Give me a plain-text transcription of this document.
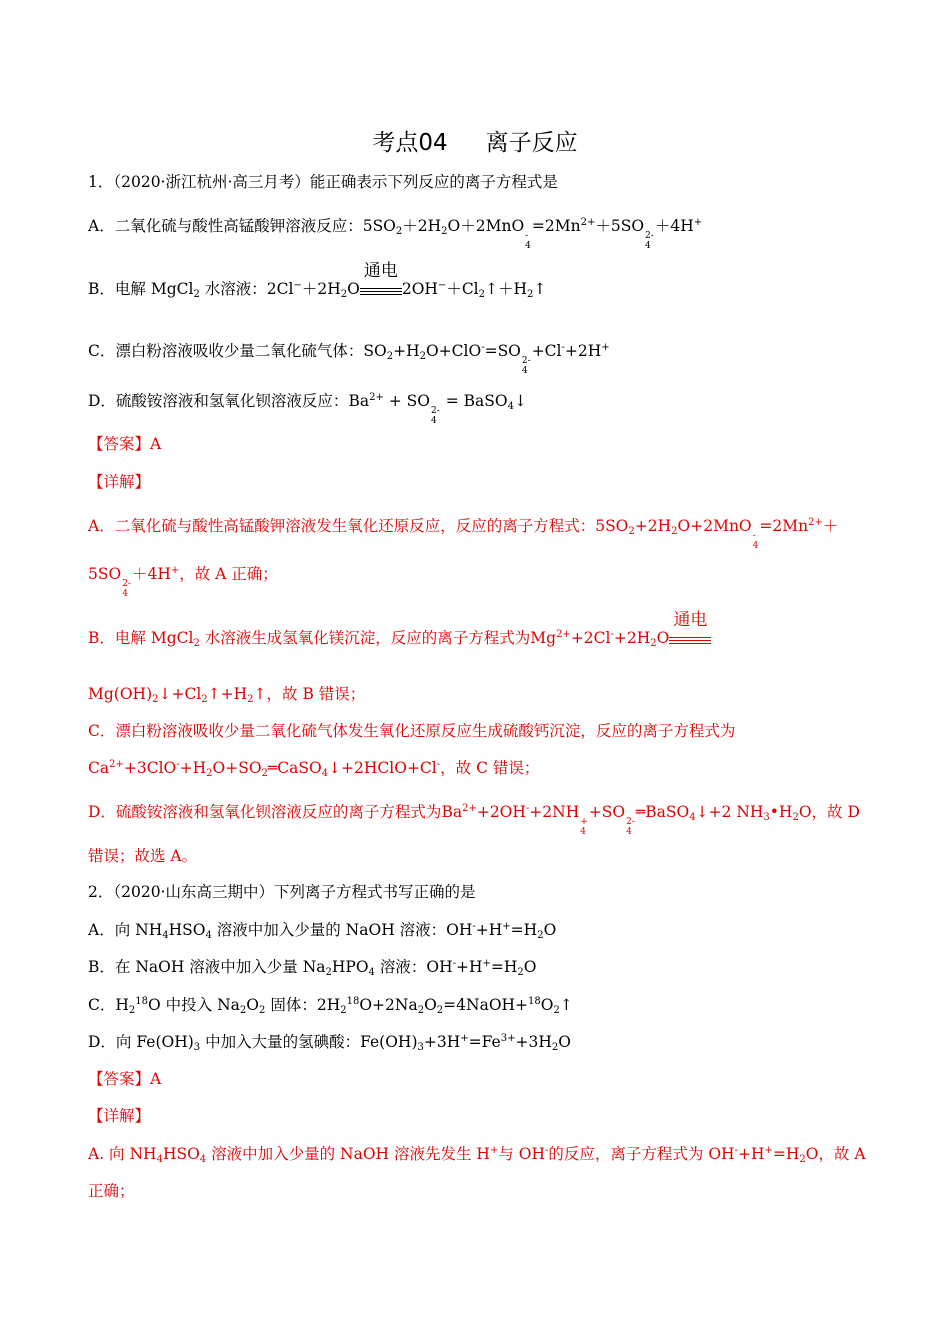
考点04 离子反应
1．（2020·浙江杭州·高三月考）能正确表示下列反应的离子方程式是
A．二氧化硫与酸性高锰酸钾溶液反应：$5SO_2+2H_2O+2MnO$
-
4
$=2Mn^{2+}+5SO$
2-
4
＋4H+
B．电解 MgCl$_2$ 水溶液：$2Cl^-+2H_2O$
通电
$2OH^-+Cl_2↑+H_2↑$
C．漂白粉溶液吸收少量二氧化硫气体：$SO_2+H_2O+ClO^-=SO$
2-
4
+Cl-+2H+
D．硫酸铵溶液和氢氧化钡溶液反应：$Ba^{2+}$ + SO
2-
4
= BaSO$_4$↓
【答案】A
【详解】
A．二氧化硫与酸性高锰酸钾溶液发生氧化还原反应，反应的离子方程式：$5SO_2+2H_2O+2MnO$
-
4
$=2Mn^{2+}+$
5SO
2-
4
＋4H+，故 A 正确；
B．电解 MgCl$_2$ 水溶液生成氢氧化镁沉淀，反应的离子方程式为$Mg^{2+}+2Cl^-+2H_2O$
通电
$Mg(OH)_2↓+Cl_2↑+H_2↑$，故 B 错误；
C．漂白粉溶液吸收少量二氧化硫气体发生氧化还原反应生成硫酸钙沉淀，反应的离子方程式为
$Ca^{2+}+3ClO^-+H_2O+SO_2═CaSO_4↓+2HClO+Cl^-$，故 C 错误；
D．硫酸铵溶液和氢氧化钡溶液反应的离子方程式为$Ba^{2+}+2OH^-+2NH$
+
4
+SO
2-
4
═BaSO$_4$↓+2 $NH_3•H_2O$，故 D
错误；故选 A。
2．（2020·山东高三期中）下列离子方程式书写正确的是
A．向 $NH_4HSO_4$ 溶液中加入少量的 NaOH 溶液：$OH^-+H^+=H_2O$
B．在 NaOH 溶液中加入少量 $Na_2HPO_4$ 溶液：$OH^-+H^+=H_2O$
C．$H_2^{18}O$ 中投入 $Na_2O_2$ 固体：$2H_2^{18}O+2Na_2O_2=4NaOH+^{18}O_2↑$
D．向 $Fe(OH)_3$ 中加入大量的氢碘酸：$Fe(OH)_3+3H^+=Fe^{3+}+3H_2O$
【答案】A
【详解】
A. 向 $NH_4HSO_4$ 溶液中加入少量的 NaOH 溶液先发生 H+与 OH-的反应，离子方程式为 $OH^-+H^+=H_2O$，故 A
正确；
